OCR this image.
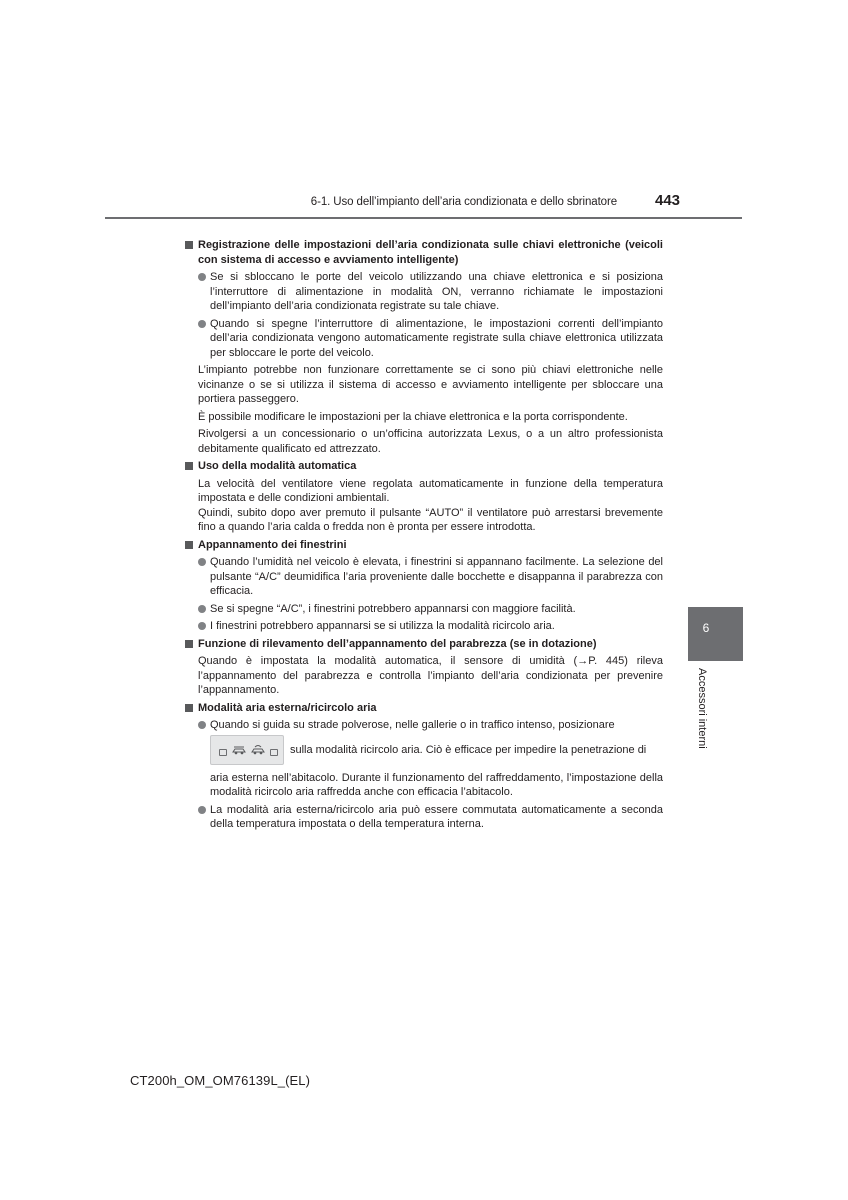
6-1. Uso dell’impianto dell’aria condizionata e dello sbrinatore	443
Registrazione delle impostazioni dell’aria condizionata sulle chiavi elettroniche (veicoli con sistema di accesso e avviamento intelligente)
Se si sbloccano le porte del veicolo utilizzando una chiave elettronica e si posiziona l’interruttore di alimentazione in modalità ON, verranno richiamate le impostazioni dell’impianto dell’aria condizionata registrate su tale chiave.
Quando si spegne l’interruttore di alimentazione, le impostazioni correnti dell’impianto dell’aria condizionata vengono automaticamente registrate sulla chiave elettronica utilizzata per sbloccare le porte del veicolo.
L’impianto potrebbe non funzionare correttamente se ci sono più chiavi elettroniche nelle vicinanze o se si utilizza il sistema di accesso e avviamento intelligente per sbloccare una portiera passeggero.
È possibile modificare le impostazioni per la chiave elettronica e la porta corrispondente.
Rivolgersi a un concessionario o un’officina autorizzata Lexus, o a un altro professionista debitamente qualificato ed attrezzato.
Uso della modalità automatica
La velocità del ventilatore viene regolata automaticamente in funzione della temperatura impostata e delle condizioni ambientali.
Quindi, subito dopo aver premuto il pulsante “AUTO” il ventilatore può arrestarsi brevemente fino a quando l’aria calda o fredda non è pronta per essere introdotta.
Appannamento dei finestrini
Quando l’umidità nel veicolo è elevata, i finestrini si appannano facilmente. La selezione del pulsante “A/C” deumidifica l’aria proveniente dalle bocchette e disappanna il parabrezza con efficacia.
Se si spegne “A/C”, i finestrini potrebbero appannarsi con maggiore facilità.
I finestrini potrebbero appannarsi se si utilizza la modalità ricircolo aria.
Funzione di rilevamento dell’appannamento del parabrezza (se in dotazione)
Quando è impostata la modalità automatica, il sensore di umidità (→P. 445) rileva l’appannamento del parabrezza e controlla l’impianto dell’aria condizionata per prevenire l’appannamento.
Modalità aria esterna/ricircolo aria
Quando si guida su strade polverose, nelle gallerie o in traffico intenso, posizionare
sulla modalità ricircolo aria. Ciò è efficace per impedire la penetrazione di
aria esterna nell’abitacolo. Durante il funzionamento del raffreddamento, l’impostazione della modalità ricircolo aria raffredda anche con efficacia l’abitacolo.
La modalità aria esterna/ricircolo aria può essere commutata automaticamente a seconda della temperatura impostata o della temperatura interna.
6
Accessori interni
CT200h_OM_OM76139L_(EL)
